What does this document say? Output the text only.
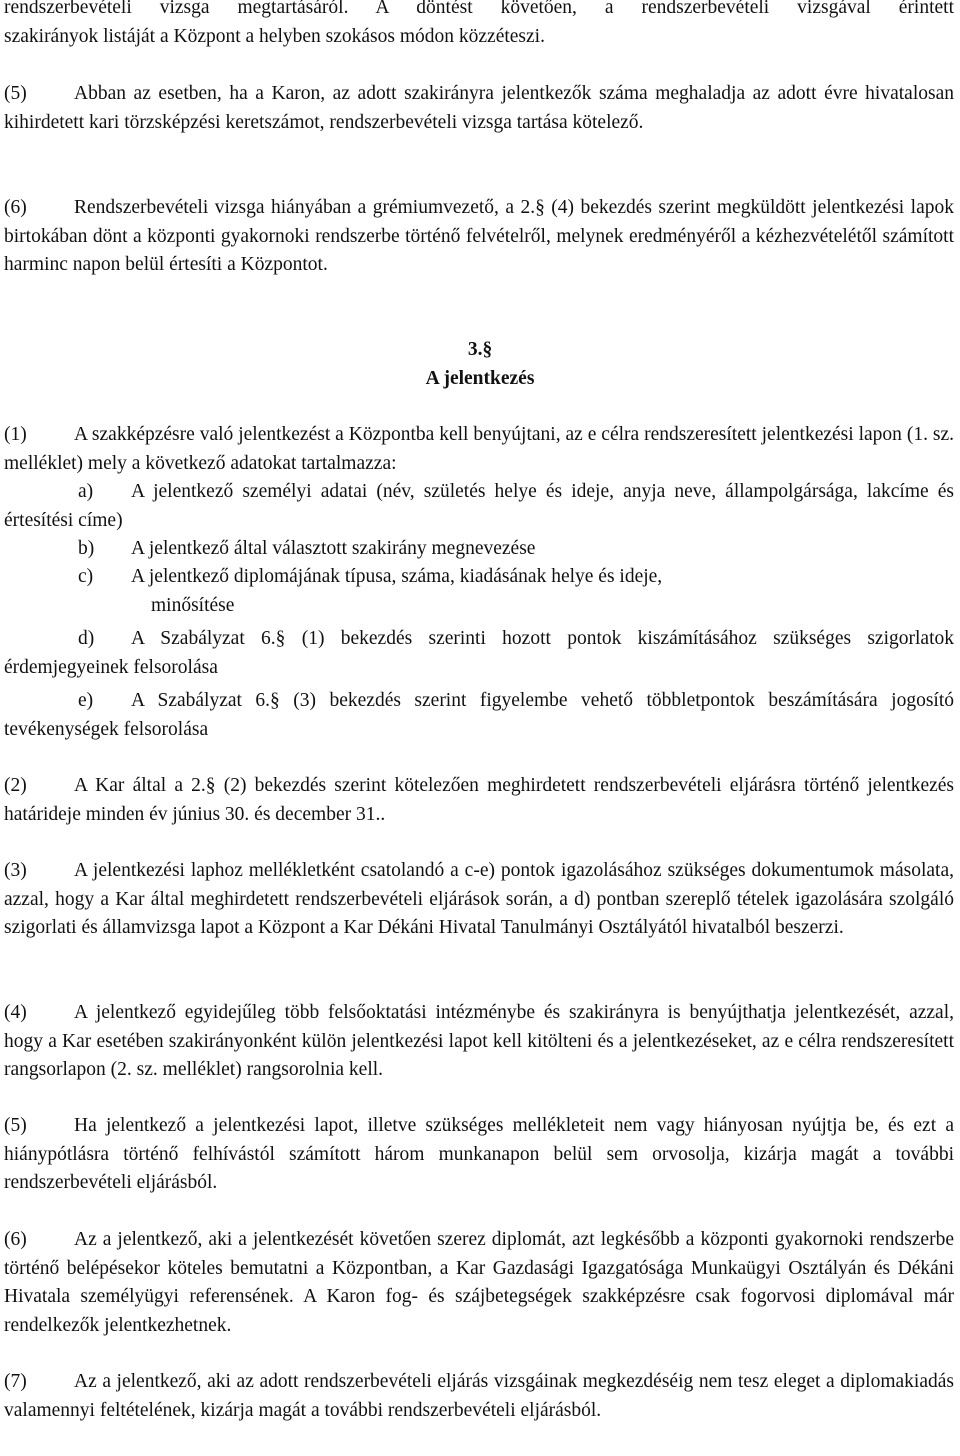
rendszerbevételi vizsga megtartásáról. A döntést követően, a rendszerbevételi vizsgával érintett

szakirányok listáját a Központ a helyben szokásos módon közzéteszi.

(5) Abban az esetben, ha a Karon, az adott szakirányra jelentkezők száma meghaladja az adott évre hivatalosan kihirdetett kari törzsképzési keretszámot, rendszerbevételi vizsga tartása kötelező.

(6) Rendszerbevételi vizsga hiányában a grémiumvezető, a 2.§ (4) bekezdés szerint megküldött jelentkezési lapok birtokában dönt a központi gyakornoki rendszerbe történő felvételről, melynek eredményéről a kézhezvételétől számított harminc napon belül értesíti a Központot.

3.§
A jelentkezés

(1) A szakképzésre való jelentkezést a Központba kell benyújtani, az e célra rendszeresített jelentkezési lapon (1. sz. melléklet) mely a következő adatokat tartalmazza:

a) A jelentkező személyi adatai (név, születés helye és ideje, anyja neve, állampolgársága, lakcíme és értesítési címe)

b) A jelentkező által választott szakirány megnevezése

c) A jelentkező diplomájának típusa, száma, kiadásának helye és ideje,

minősítése

d) A Szabályzat 6.§ (1) bekezdés szerinti hozott pontok kiszámításához szükséges szigorlatok érdemjegyeinek felsorolása

e) A Szabályzat 6.§ (3) bekezdés szerint figyelembe vehető többletpontok beszámítására jogosító tevékenységek felsorolása

(2) A Kar által a 2.§ (2) bekezdés szerint kötelezően meghirdetett rendszerbevételi eljárásra történő jelentkezés határideje minden év június 30. és december 31..

(3) A jelentkezési laphoz mellékletként csatolandó a c-e) pontok igazolásához szükséges dokumentumok másolata, azzal, hogy a Kar által meghirdetett rendszerbevételi eljárások során, a d) pontban szereplő tételek igazolására szolgáló szigorlati és államvizsga lapot a Központ a Kar Dékáni Hivatal Tanulmányi Osztályától hivatalból beszerzi.

(4) A jelentkező egyidejűleg több felsőoktatási intézménybe és szakirányra is benyújthatja jelentkezését, azzal, hogy a Kar esetében szakirányonként külön jelentkezési lapot kell kitölteni és a jelentkezéseket, az e célra rendszeresített rangsorlapon (2. sz. melléklet) rangsorolnia kell.

(5) Ha jelentkező a jelentkezési lapot, illetve szükséges mellékleteit nem vagy hiányosan nyújtja be, és ezt a hiánypótlásra történő felhívástól számított három munkanapon belül sem orvosolja, kizárja magát a további rendszerbevételi eljárásból.

(6) Az a jelentkező, aki a jelentkezését követően szerez diplomát, azt legkésőbb a központi gyakornoki rendszerbe történő belépésekor köteles bemutatni a Központban, a Kar Gazdasági Igazgatósága Munkaügyi Osztályán és Dékáni Hivatala személyügyi referensének. A Karon fog- és szájbetegségek szakképzésre csak fogorvosi diplomával már rendelkezők jelentkezhetnek.

(7) Az a jelentkező, aki az adott rendszerbevételi eljárás vizsgáinak megkezdéséig nem tesz eleget a diplomakiadás valamennyi feltételének, kizárja magát a további rendszerbevételi eljárásból.
